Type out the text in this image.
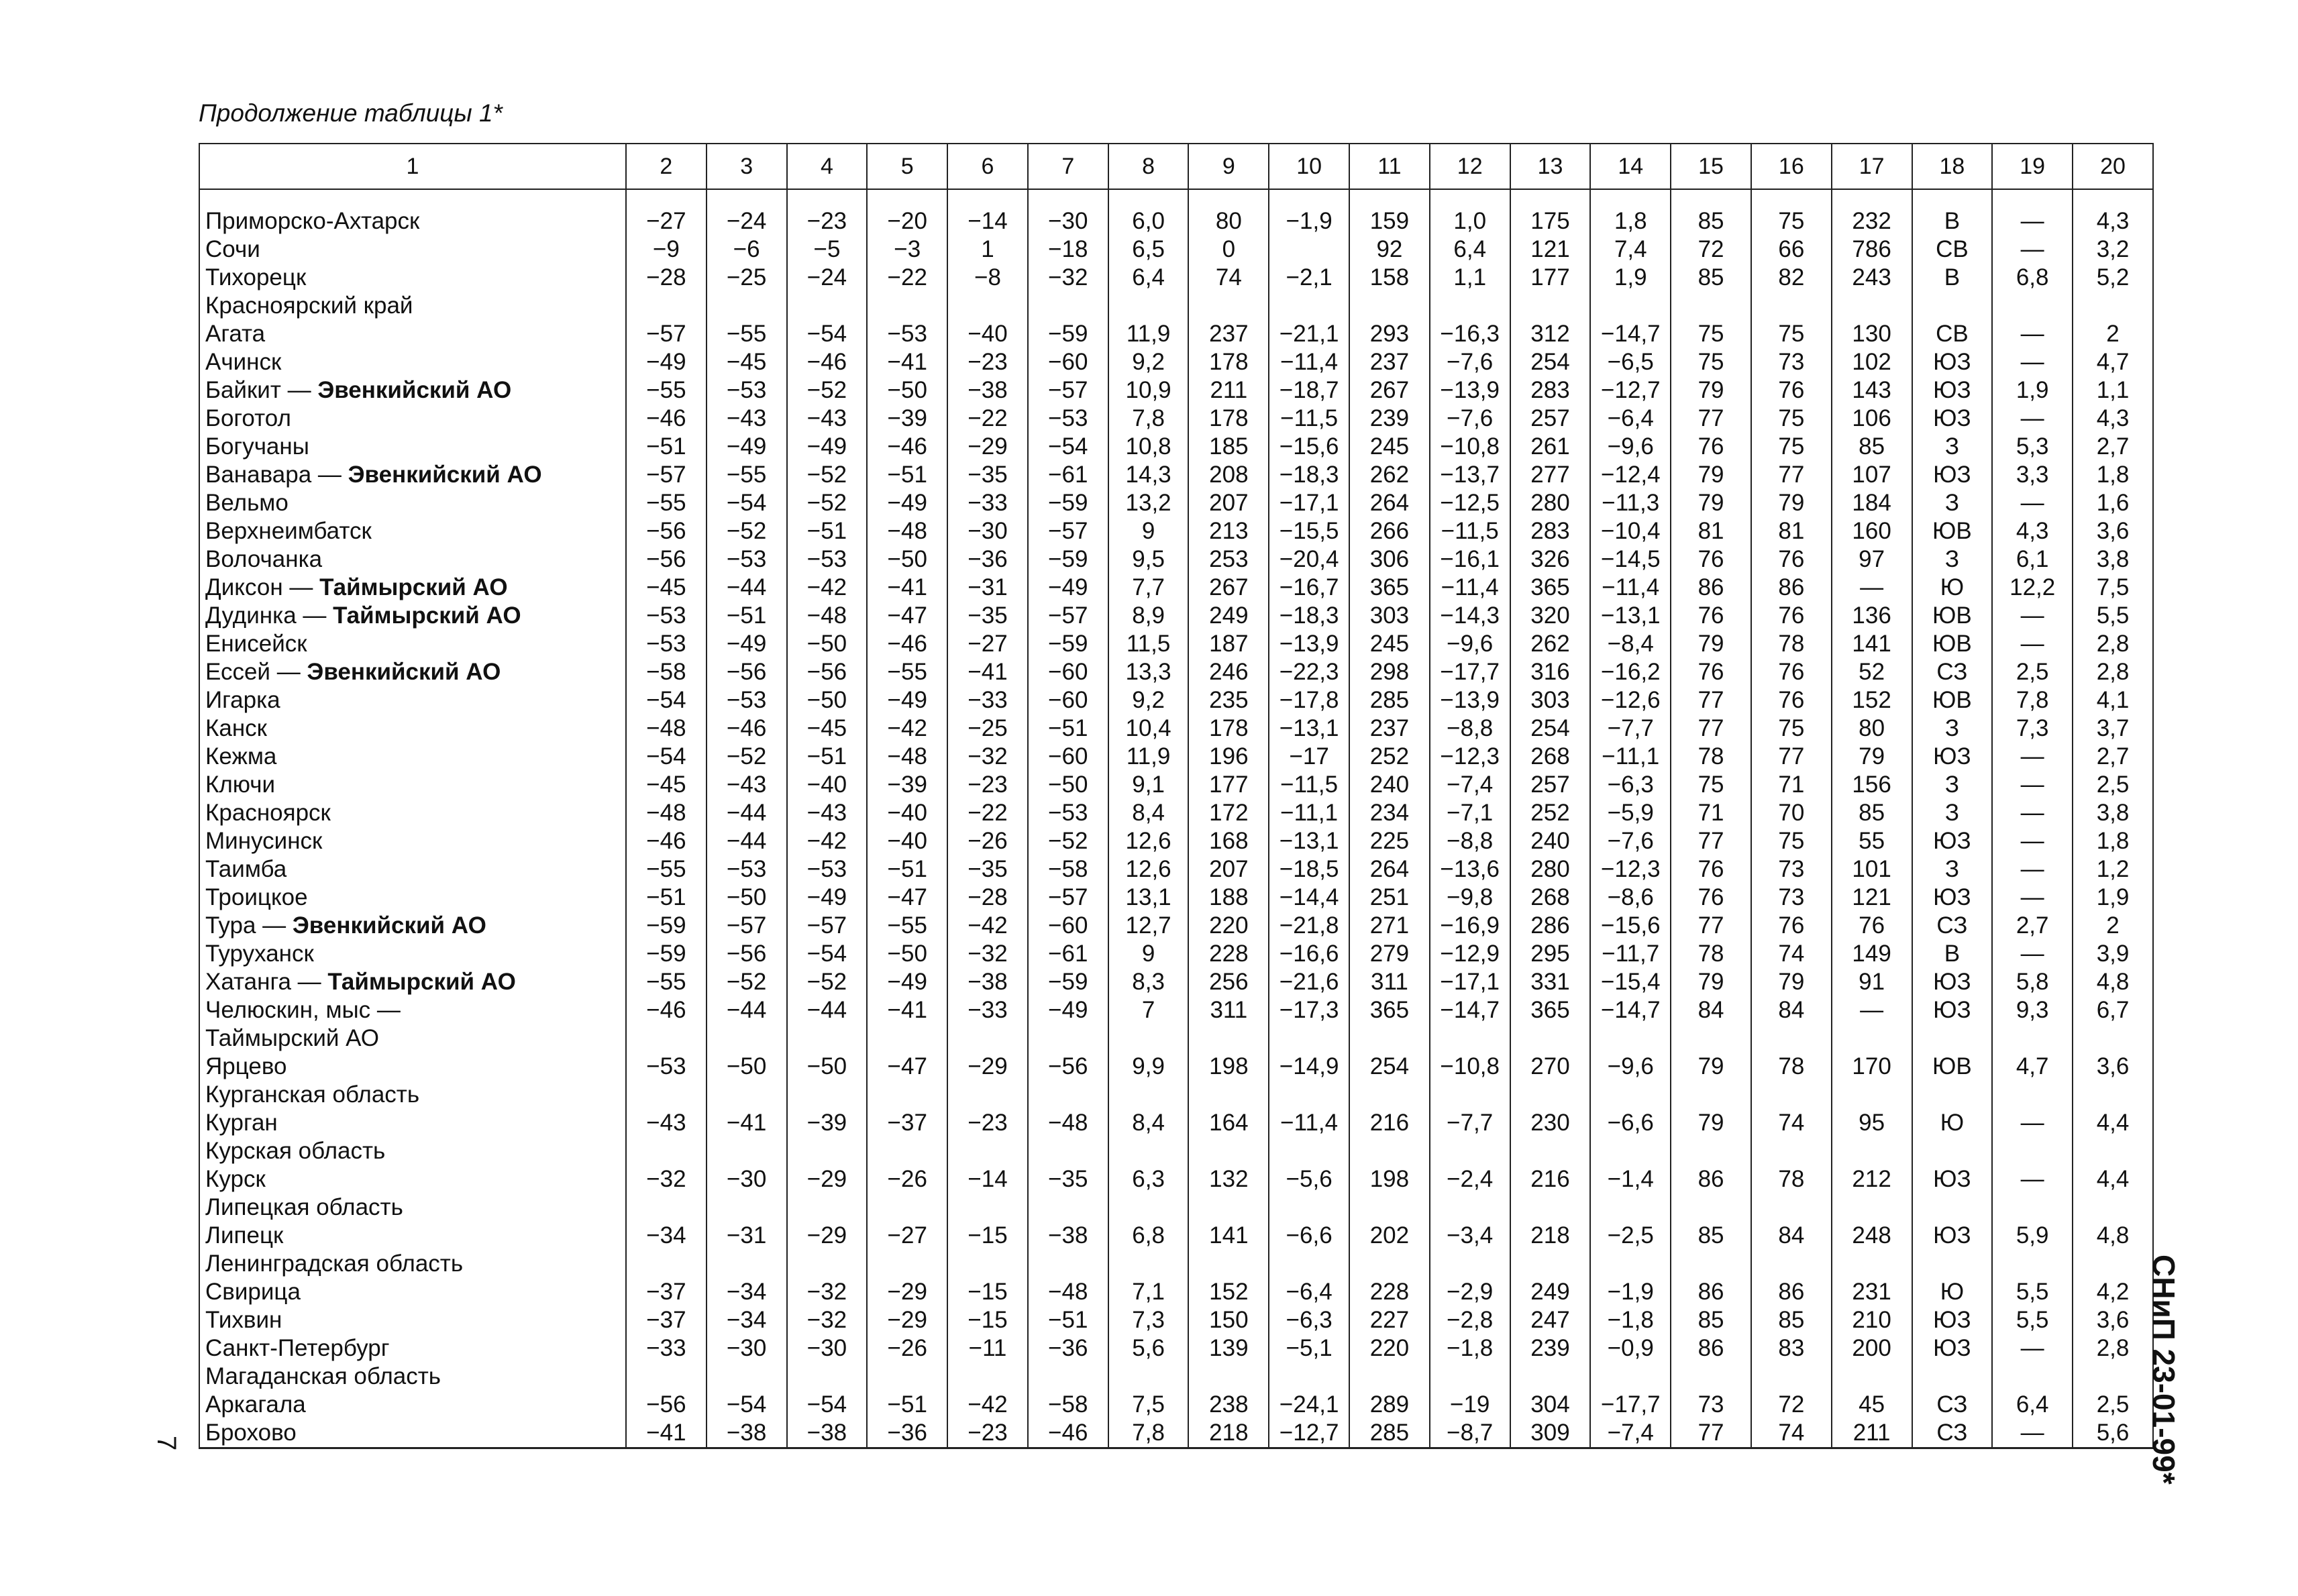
Продолжение таблицы 1*
1	2	3	4	5	6	7	8	9	10	11	12	13	14	15	16	17	18	19	20

Приморско-Ахтарск	−27	−24	−23	−20	−14	−30	6,0	80	−1,9	159	1,0	175	1,8	85	75	232	В	—	4,3
Сочи	−9	−6	−5	−3	1	−18	6,5	0		92	6,4	121	7,4	72	66	786	СВ	—	3,2
Тихорецк	−28	−25	−24	−22	−8	−32	6,4	74	−2,1	158	1,1	177	1,9	85	82	243	В	6,8	5,2
Красноярский край																			
Агата	−57	−55	−54	−53	−40	−59	11,9	237	−21,1	293	−16,3	312	−14,7	75	75	130	СВ	—	2
Ачинск	−49	−45	−46	−41	−23	−60	9,2	178	−11,4	237	−7,6	254	−6,5	75	73	102	ЮЗ	—	4,7
Байкит — Эвенкийский АО	−55	−53	−52	−50	−38	−57	10,9	211	−18,7	267	−13,9	283	−12,7	79	76	143	ЮЗ	1,9	1,1
Боготол	−46	−43	−43	−39	−22	−53	7,8	178	−11,5	239	−7,6	257	−6,4	77	75	106	ЮЗ	—	4,3
Богучаны	−51	−49	−49	−46	−29	−54	10,8	185	−15,6	245	−10,8	261	−9,6	76	75	85	З	5,3	2,7
Ванавара — Эвенкийский АО	−57	−55	−52	−51	−35	−61	14,3	208	−18,3	262	−13,7	277	−12,4	79	77	107	ЮЗ	3,3	1,8
Вельмо	−55	−54	−52	−49	−33	−59	13,2	207	−17,1	264	−12,5	280	−11,3	79	79	184	З	—	1,6
Верхнеимбатск	−56	−52	−51	−48	−30	−57	9	213	−15,5	266	−11,5	283	−10,4	81	81	160	ЮВ	4,3	3,6
Волочанка	−56	−53	−53	−50	−36	−59	9,5	253	−20,4	306	−16,1	326	−14,5	76	76	97	З	6,1	3,8
Диксон — Таймырский АО	−45	−44	−42	−41	−31	−49	7,7	267	−16,7	365	−11,4	365	−11,4	86	86	—	Ю	12,2	7,5
Дудинка — Таймырский АО	−53	−51	−48	−47	−35	−57	8,9	249	−18,3	303	−14,3	320	−13,1	76	76	136	ЮВ	—	5,5
Енисейск	−53	−49	−50	−46	−27	−59	11,5	187	−13,9	245	−9,6	262	−8,4	79	78	141	ЮВ	—	2,8
Ессей — Эвенкийский АО	−58	−56	−56	−55	−41	−60	13,3	246	−22,3	298	−17,7	316	−16,2	76	76	52	СЗ	2,5	2,8
Игарка	−54	−53	−50	−49	−33	−60	9,2	235	−17,8	285	−13,9	303	−12,6	77	76	152	ЮВ	7,8	4,1
Канск	−48	−46	−45	−42	−25	−51	10,4	178	−13,1	237	−8,8	254	−7,7	77	75	80	З	7,3	3,7
Кежма	−54	−52	−51	−48	−32	−60	11,9	196	−17	252	−12,3	268	−11,1	78	77	79	ЮЗ	—	2,7
Ключи	−45	−43	−40	−39	−23	−50	9,1	177	−11,5	240	−7,4	257	−6,3	75	71	156	З	—	2,5
Красноярск	−48	−44	−43	−40	−22	−53	8,4	172	−11,1	234	−7,1	252	−5,9	71	70	85	З	—	3,8
Минусинск	−46	−44	−42	−40	−26	−52	12,6	168	−13,1	225	−8,8	240	−7,6	77	75	55	ЮЗ	—	1,8
Таимба	−55	−53	−53	−51	−35	−58	12,6	207	−18,5	264	−13,6	280	−12,3	76	73	101	З	—	1,2
Троицкое	−51	−50	−49	−47	−28	−57	13,1	188	−14,4	251	−9,8	268	−8,6	76	73	121	ЮЗ	—	1,9
Тура — Эвенкийский АО	−59	−57	−57	−55	−42	−60	12,7	220	−21,8	271	−16,9	286	−15,6	77	76	76	СЗ	2,7	2
Туруханск	−59	−56	−54	−50	−32	−61	9	228	−16,6	279	−12,9	295	−11,7	78	74	149	В	—	3,9
Хатанга — Таймырский АО	−55	−52	−52	−49	−38	−59	8,3	256	−21,6	311	−17,1	331	−15,4	79	79	91	ЮЗ	5,8	4,8
Челюскин, мыс —	−46	−44	−44	−41	−33	−49	7	311	−17,3	365	−14,7	365	−14,7	84	84	—	ЮЗ	9,3	6,7
Таймырский АО																			
Ярцево	−53	−50	−50	−47	−29	−56	9,9	198	−14,9	254	−10,8	270	−9,6	79	78	170	ЮВ	4,7	3,6
Курганская область																			
Курган	−43	−41	−39	−37	−23	−48	8,4	164	−11,4	216	−7,7	230	−6,6	79	74	95	Ю	—	4,4
Курская область																			
Курск	−32	−30	−29	−26	−14	−35	6,3	132	−5,6	198	−2,4	216	−1,4	86	78	212	ЮЗ	—	4,4
Липецкая область																			
Липецк	−34	−31	−29	−27	−15	−38	6,8	141	−6,6	202	−3,4	218	−2,5	85	84	248	ЮЗ	5,9	4,8
Ленинградская область																			
Свирица	−37	−34	−32	−29	−15	−48	7,1	152	−6,4	228	−2,9	249	−1,9	86	86	231	Ю	5,5	4,2
Тихвин	−37	−34	−32	−29	−15	−51	7,3	150	−6,3	227	−2,8	247	−1,8	85	85	210	ЮЗ	5,5	3,6
Санкт-Петербург	−33	−30	−30	−26	−11	−36	5,6	139	−5,1	220	−1,8	239	−0,9	86	83	200	ЮЗ	—	2,8
Магаданская область																			
Аркагала	−56	−54	−54	−51	−42	−58	7,5	238	−24,1	289	−19	304	−17,7	73	72	45	СЗ	6,4	2,5
Брохово	−41	−38	−38	−36	−23	−46	7,8	218	−12,7	285	−8,7	309	−7,4	77	74	211	СЗ	—	5,6 СНиП 23-01-99*
7
